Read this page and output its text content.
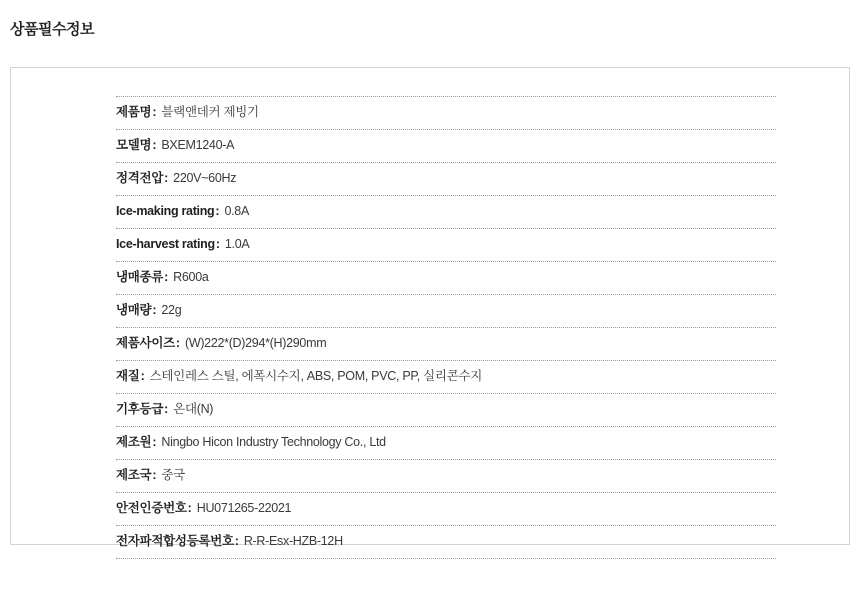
상품필수정보
제품명: 블랙앤데커 제빙기
모델명: BXEM1240-A
정격전압: 220V~60Hz
Ice-making rating: 0.8A
Ice-harvest rating: 1.0A
냉매종류: R600a
냉매량: 22g
제품사이즈: (W)222*(D)294*(H)290mm
재질: 스테인레스 스틸, 에폭시수지, ABS, POM, PVC, PP, 실리콘수지
기후등급: 온대(N)
제조원: Ningbo Hicon Industry Technology Co., Ltd
제조국: 중국
안전인증번호: HU071265-22021
전자파적합성등록번호: R-R-Esx-HZB-12H
